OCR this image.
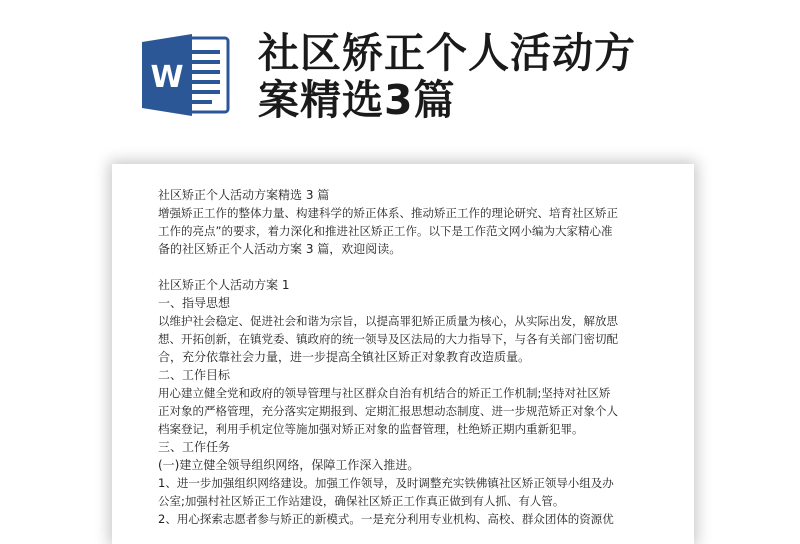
W
社区矫正个人活动方
案精选3篇

社区矫正个人活动方案精选 3 篇

增强矫正工作的整体力量、构建科学的矫正体系、推动矫正工作的理论研究、培育社区矫正

工作的亮点”的要求，着力深化和推进社区矫正工作。以下是工作范文网小编为大家精心准

备的社区矫正个人活动方案 3 篇，欢迎阅读。

社区矫正个人活动方案 1

一、指导思想

以维护社会稳定、促进社会和谐为宗旨，以提高罪犯矫正质量为核心，从实际出发，解放思

想、开拓创新，在镇党委、镇政府的统一领导及区法局的大力指导下，与各有关部门密切配

合，充分依靠社会力量，进一步提高全镇社区矫正对象教育改造质量。

二、工作目标

用心建立健全党和政府的领导管理与社区群众自治有机结合的矫正工作机制;坚持对社区矫

正对象的严格管理，充分落实定期报到、定期汇报思想动态制度、进一步规范矫正对象个人

档案登记，利用手机定位等施加强对矫正对象的监督管理，杜绝矫正期内重新犯罪。

三、工作任务

(一)建立健全领导组织网络，保障工作深入推进。

1、进一步加强组织网络建设。加强工作领导，及时调整充实铁佛镇社区矫正领导小组及办

公室;加强村社区矫正工作站建设，确保社区矫正工作真正做到有人抓、有人管。

2、用心探索志愿者参与矫正的新模式。一是充分利用专业机构、高校、群众团体的资源优
